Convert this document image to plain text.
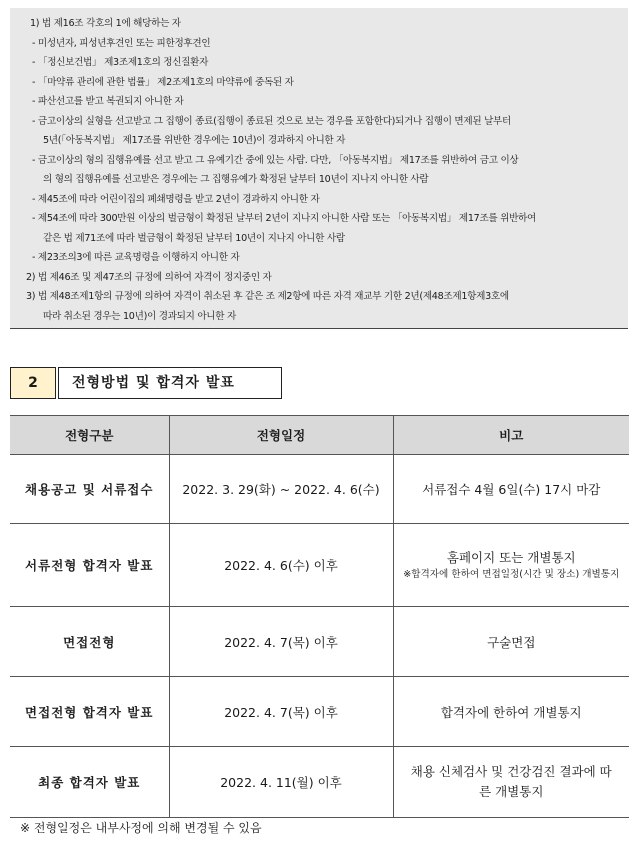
1) 법 제16조 각호의 1에 해당하는 자
- 미성년자, 피성년후견인 또는 피한정후견인
- 「정신보건법」 제3조제1호의 정신질환자
- 「마약류 관리에 관한 법률」 제2조제1호의 마약류에 중독된 자
- 파산선고를 받고 복권되지 아니한 자
- 금고이상의 실형을 선고받고 그 집행이 종료(집행이 종료된 것으로 보는 경우를 포함한다)되거나 집행이 면제된 날부터
5년(「아동복지법」 제17조를 위반한 경우에는 10년)이 경과하지 아니한 자
- 금고이상의 형의 집행유예를 선고 받고 그 유예기간 중에 있는 사람. 다만, 「아동복지법」 제17조를 위반하여 금고 이상
의 형의 집행유예를 선고받은 경우에는 그 집행유예가 확정된 날부터 10년이 지나지 아니한 사람
- 제45조에 따라 어린이집의 폐쇄명령을 받고 2년이 경과하지 아니한 자
- 제54조에 따라 300만원 이상의 벌금형이 확정된 날부터 2년이 지나지 아니한 사람 또는 「아동복지법」 제17조를 위반하여
같은 법 제71조에 따라 벌금형이 확정된 날부터 10년이 지나지 아니한 사람
- 제23조의3에 따른 교육명령을 이행하지 아니한 자
2) 법 제46조 및 제47조의 규정에 의하여 자격이 정지중인 자
3) 법 제48조제1항의 규정에 의하여 자격이 취소된 후 같은 조 제2항에 따른 자격 재교부 기한 2년(제48조제1항제3호에
따라 취소된 경우는 10년)이 경과되지 아니한 자
2	전형방법 및 합격자 발표
전형구분	전형일정	비고
채용공고 및 서류접수	2022. 3. 29(화) ~ 2022. 4. 6(수)	서류접수 4월 6일(수) 17시 마감
서류전형 합격자 발표	2022. 4. 6(수) 이후	홈페이지 또는 개별통지
※합격자에 한하여 면접일정(시간 및 장소) 개별통지

면접전형	2022. 4. 7(목) 이후	구술면접
면접전형 합격자 발표	2022. 4. 7(목) 이후	합격자에 한하여 개별통지
최종 합격자 발표	2022. 4. 11(월) 이후	채용 신체검사 및 건강검진 결과에 따른 개별통지
※ 전형일정은 내부사정에 의해 변경될 수 있음
